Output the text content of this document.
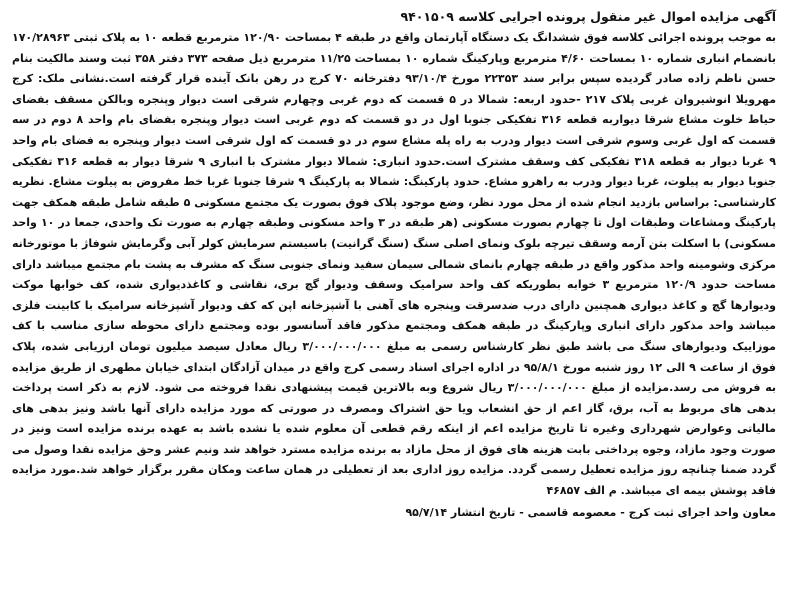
آگهی مزایده اموال غیر منقول پرونده اجرایی کلاسه ۹۴۰۱۵۰۹

به موجب پرونده اجرائی کلاسه فوق ششدانگ یک دستگاه آپارتمان واقع در طبقه ۴ بمساحت ۱۲۰/۹۰ مترمربع قطعه ۱۰ به پلاک ثبتی ۱۷۰/۲۸۹۶۳ بانضمام انباری شماره ۱۰ بمساحت ۴/۶۰ مترمربع وپارکینگ شماره ۱۰ بمساحت ۱۱/۲۵ مترمربع ذیل صفحه ۳۷۳ دفتر ۳۵۸ ثبت وسند مالکیت بنام حسن ناظم زاده صادر گردیده سپس برابر سند ۲۲۳۵۳ مورخ ۹۳/۱۰/۴ دفترخانه ۷۰ کرج در رهن بانک آینده قرار گرفته است.نشانی ملک: کرج مهرویلا انوشیروان غربی پلاک ۲۱۷ -حدود اربعه: شمالا در ۵ قسمت که دوم غربی وچهارم شرقی است دیوار وپنجره وبالکن مسقف بفضای حیاط خلوت مشاع شرقا دیواربه قطعه ۳۱۶ تفکیکی جنوبا اول در دو قسمت که دوم غربی است دیوار وپنجره بفضای بام واحد ۸ دوم در سه قسمت که اول غربی وسوم شرقی است دیوار ودرب به راه پله مشاع سوم در دو قسمت که اول شرقی است دیوار وپنجره به فضای بام واحد ۹ غربا دیوار به قطعه ۳۱۸ تفکیکی کف وسقف مشترک است.حدود انباری: شمالا دیوار مشترک با انباری ۹ شرقا دیوار به قطعه ۳۱۶ تفکیکی جنوبا دیوار به پیلوت، غربا دیوار ودرب به راهرو مشاع. حدود پارکینگ: شمالا به پارکینگ ۹ شرقا جنوبا غربا خط مفروض به پیلوت مشاع. نظریه کارشناسی: براساس بازدید انجام شده از محل مورد نظر، وضع موجود پلاک فوق بصورت یک مجتمع مسکونی ۵ طبقه شامل طبقه همکف جهت پارکینگ ومشاعات وطبقات اول تا چهارم بصورت مسکونی (هر طبقه در ۳ واحد مسکونی وطبقه چهارم به صورت تک واحدی، جمعا در ۱۰ واحد مسکونی) با اسکلت بتن آرمه وسقف تیرچه بلوک ونمای اصلی سنگ (سنگ گرانیت) باسیستم سرمایش کولر آبی وگرمایش شوفاژ با موتورخانه مرکزی وشومینه واحد مذکور واقع در طبقه چهارم بانمای شمالی سیمان سفید ونمای جنوبی سنگ که مشرف به پشت بام مجتمع میباشد دارای مساحت حدود ۱۲۰/۹ مترمربع ۳ خوابه بطوریکه کف واحد سرامیک وسقف ودیوار گچ بری، نقاشی و کاغذدیواری شده، کف خوابها موکت ودیوارها گچ و کاغذ دیواری همچنین دارای درب ضدسرقت وپنجره های آهنی با آشپزخانه اپن که کف ودیوار آشپزخانه سرامیک با کابینت فلزی میباشد واحد مذکور دارای انباری وپارکینگ در طبقه همکف ومجتمع مذکور فاقد آسانسور بوده ومجتمع دارای محوطه سازی مناسب با کف موزاییک ودیوارهای سنگ می باشد طبق نظر کارشناس رسمی به مبلغ ۳/۰۰۰/۰۰۰/۰۰۰ ریال معادل سیصد میلیون تومان ارزیابی شده، پلاک فوق از ساعت ۹ الی ۱۲ روز شنبه مورخ ۹۵/۸/۱ در اداره اجرای اسناد رسمی کرج واقع در میدان آزادگان ابتدای خیابان مطهری از طریق مزایده به فروش می رسد.مزایده از مبلغ ۳/۰۰۰/۰۰۰/۰۰۰ ریال شروع وبه بالاترین قیمت پیشنهادی نقدا فروخته می شود. لازم به ذکر است پرداخت بدهی های مربوط به آب، برق، گاز اعم از حق انشعاب ویا حق اشتراک ومصرف در صورتی که مورد مزایده دارای آنها باشد ونیز بدهی های مالیاتی وعوارض شهرداری وغیره تا تاریخ مزایده اعم از اینکه رقم قطعی آن معلوم شده یا نشده باشد به عهده برنده مزایده است ونیز در صورت وجود مازاد، وجوه پرداختی بابت هزینه های فوق از محل مازاد به برنده مزایده مسترد خواهد شد ونیم عشر وحق مزایده نقدا وصول می گردد ضمنا چنانچه روز مزایده تعطیل رسمی گردد. مزایده روز اداری بعد از تعطیلی در همان ساعت ومکان مقرر برگزار خواهد شد.مورد مزایده فاقد پوشش بیمه ای میباشد. م الف ۴۶۸۵۷

معاون واحد اجرای ثبت کرج - معصومه قاسمی - تاریخ انتشار ۹۵/۷/۱۴
